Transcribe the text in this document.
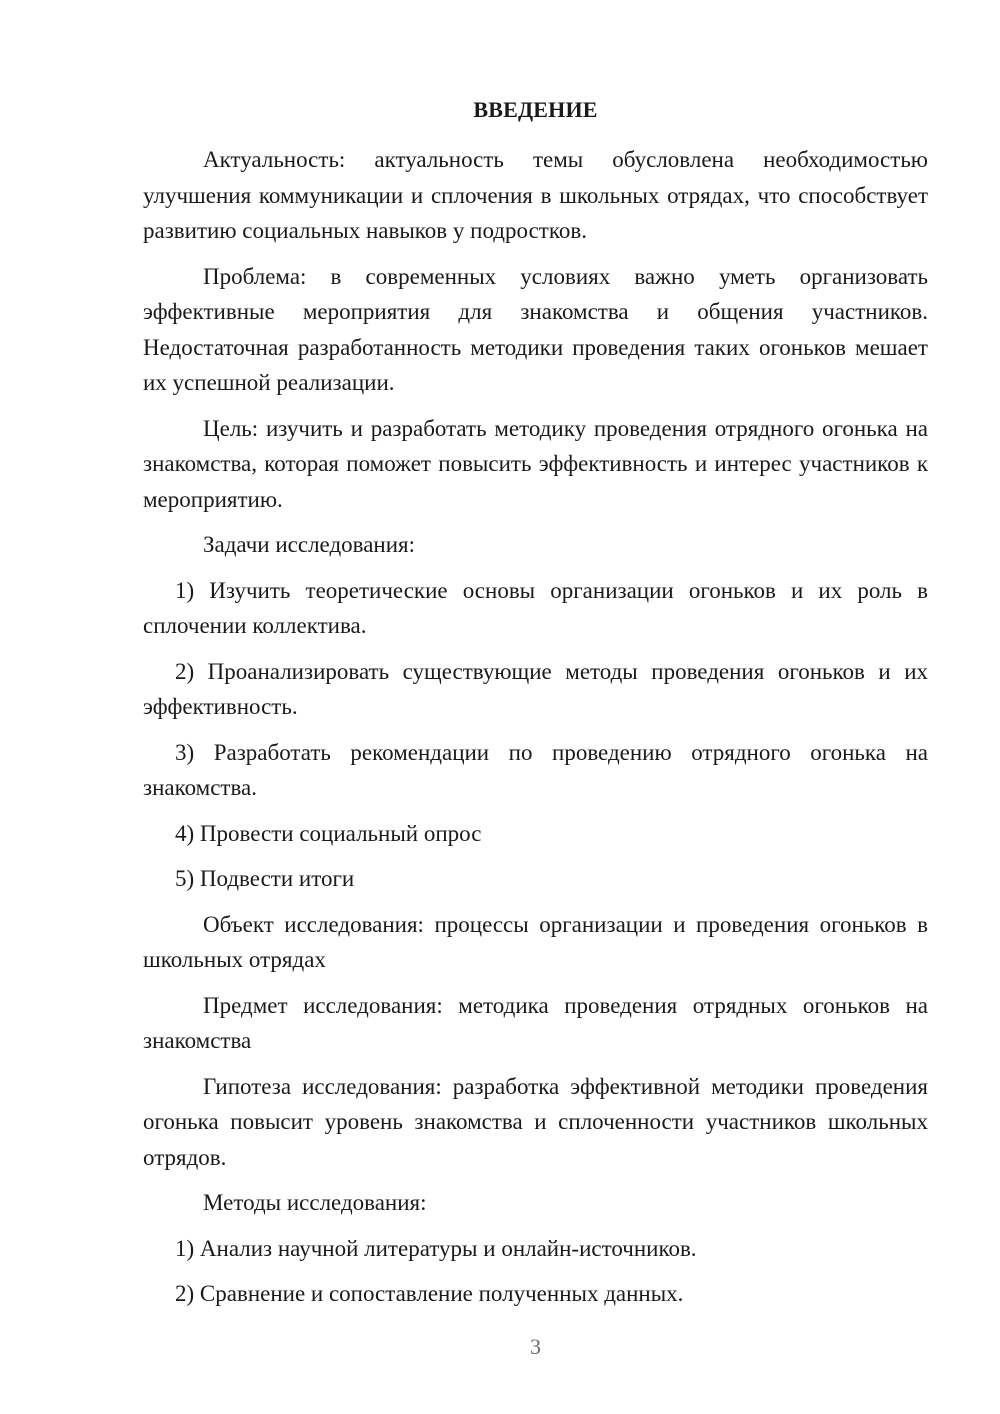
ВВЕДЕНИЕ

Актуальность: актуальность темы обусловлена необходимостью улучшения коммуникации и сплочения в школьных отрядах, что способствует развитию социальных навыков у подростков.

Проблема: в современных условиях важно уметь организовать эффективные мероприятия для знакомства и общения участников. Недостаточная разработанность методики проведения таких огоньков мешает их успешной реализации.

Цель: изучить и разработать методику проведения отрядного огонька на знакомства, которая поможет повысить эффективность и интерес участников к мероприятию.

Задачи исследования:

1) Изучить теоретические основы организации огоньков и их роль в сплочении коллектива.

2) Проанализировать существующие методы проведения огоньков и их эффективность.

3) Разработать рекомендации по проведению отрядного огонька на знакомства.

4) Провести социальный опрос

5) Подвести итоги

Объект исследования: процессы организации и проведения огоньков в школьных отрядах

Предмет исследования: методика проведения отрядных огоньков на знакомства

Гипотеза исследования: разработка эффективной методики проведения огонька повысит уровень знакомства и сплоченности участников школьных отрядов.

Методы исследования:

1) Анализ научной литературы и онлайн-источников.

2) Сравнение и сопоставление полученных данных.

3
